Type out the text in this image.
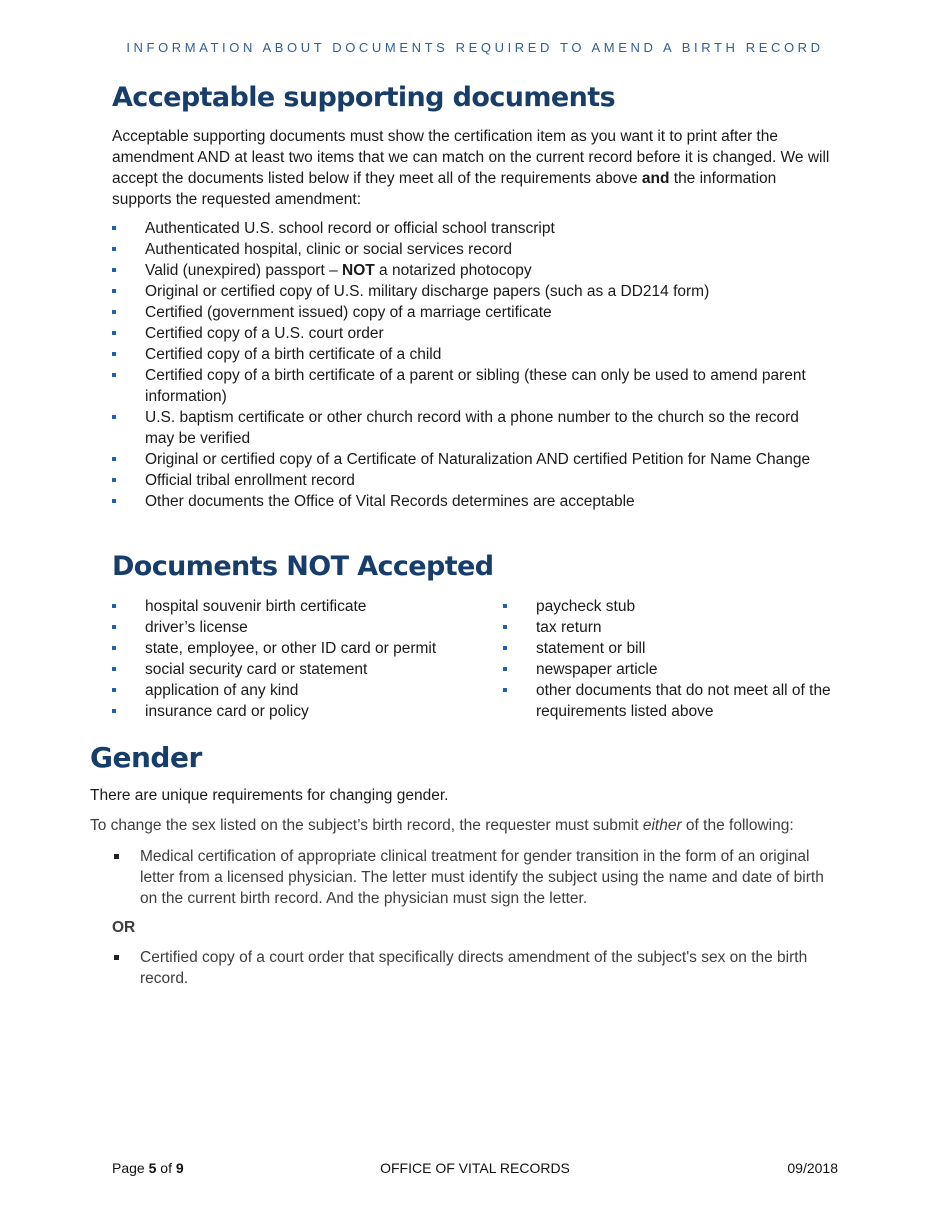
INFORMATION ABOUT DOCUMENTS REQUIRED TO AMEND A BIRTH RECORD
Acceptable supporting documents

Acceptable supporting documents must show the certification item as you want it to print after the amendment AND at least two items that we can match on the current record before it is changed. We will accept the documents listed below if they meet all of the requirements above and the information supports the requested amendment:

Authenticated U.S. school record or official school transcript
Authenticated hospital, clinic or social services record
Valid (unexpired) passport – NOT a notarized photocopy
Original or certified copy of U.S. military discharge papers (such as a DD214 form)
Certified (government issued) copy of a marriage certificate
Certified copy of a U.S. court order
Certified copy of a birth certificate of a child
Certified copy of a birth certificate of a parent or sibling (these can only be used to amend parent information)
U.S. baptism certificate or other church record with a phone number to the church so the record may be verified
Original or certified copy of a Certificate of Naturalization AND certified Petition for Name Change
Official tribal enrollment record
Other documents the Office of Vital Records determines are acceptable
Documents NOT Accepted
hospital souvenir birth certificate
driver’s license
state, employee, or other ID card or permit
social security card or statement
application of any kind
insurance card or policy
paycheck stub
tax return
statement or bill
newspaper article
other documents that do not meet all of the requirements listed above
Gender

There are unique requirements for changing gender.

To change the sex listed on the subject’s birth record, the requester must submit either of the following:

Medical certification of appropriate clinical treatment for gender transition in the form of an original letter from a licensed physician. The letter must identify the subject using the name and date of birth on the current birth record. And the physician must sign the letter.

OR

Certified copy of a court order that specifically directs amendment of the subject's sex on the birth record.
Page 5 of 9	OFFICE OF VITAL RECORDS	09/2018
